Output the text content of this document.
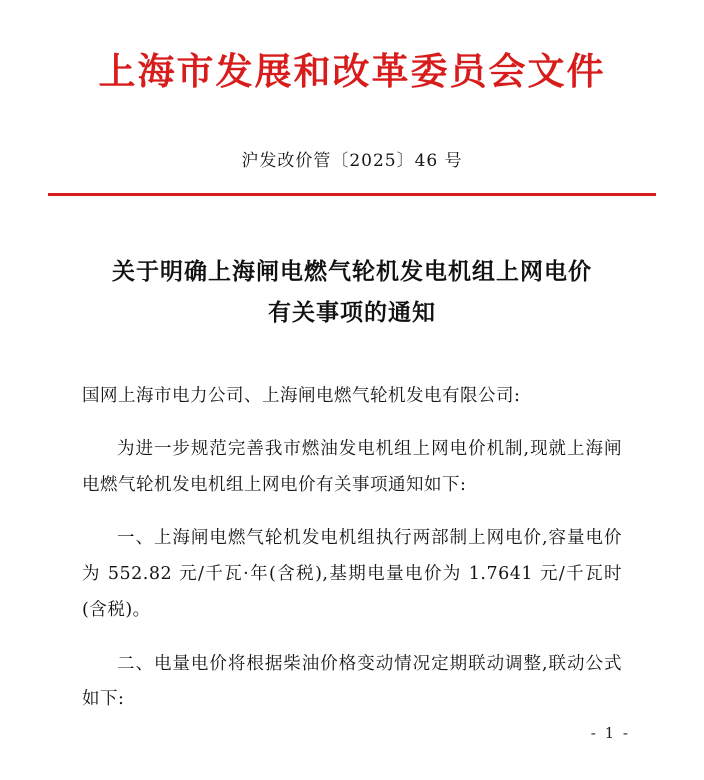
上海市发展和改革委员会文件
沪发改价管〔2025〕46 号
关于明确上海闸电燃气轮机发电机组上网电价
有关事项的通知

国网上海市电力公司、上海闸电燃气轮机发电有限公司:

为进一步规范完善我市燃油发电机组上网电价机制,现就上海闸电燃气轮机发电机组上网电价有关事项通知如下:

一、上海闸电燃气轮机发电机组执行两部制上网电价,容量电价为 552.82 元/千瓦·年(含税),基期电量电价为 1.7641 元/千瓦时(含税)。

二、电量电价将根据柴油价格变动情况定期联动调整,联动公式如下:

- 1 -
